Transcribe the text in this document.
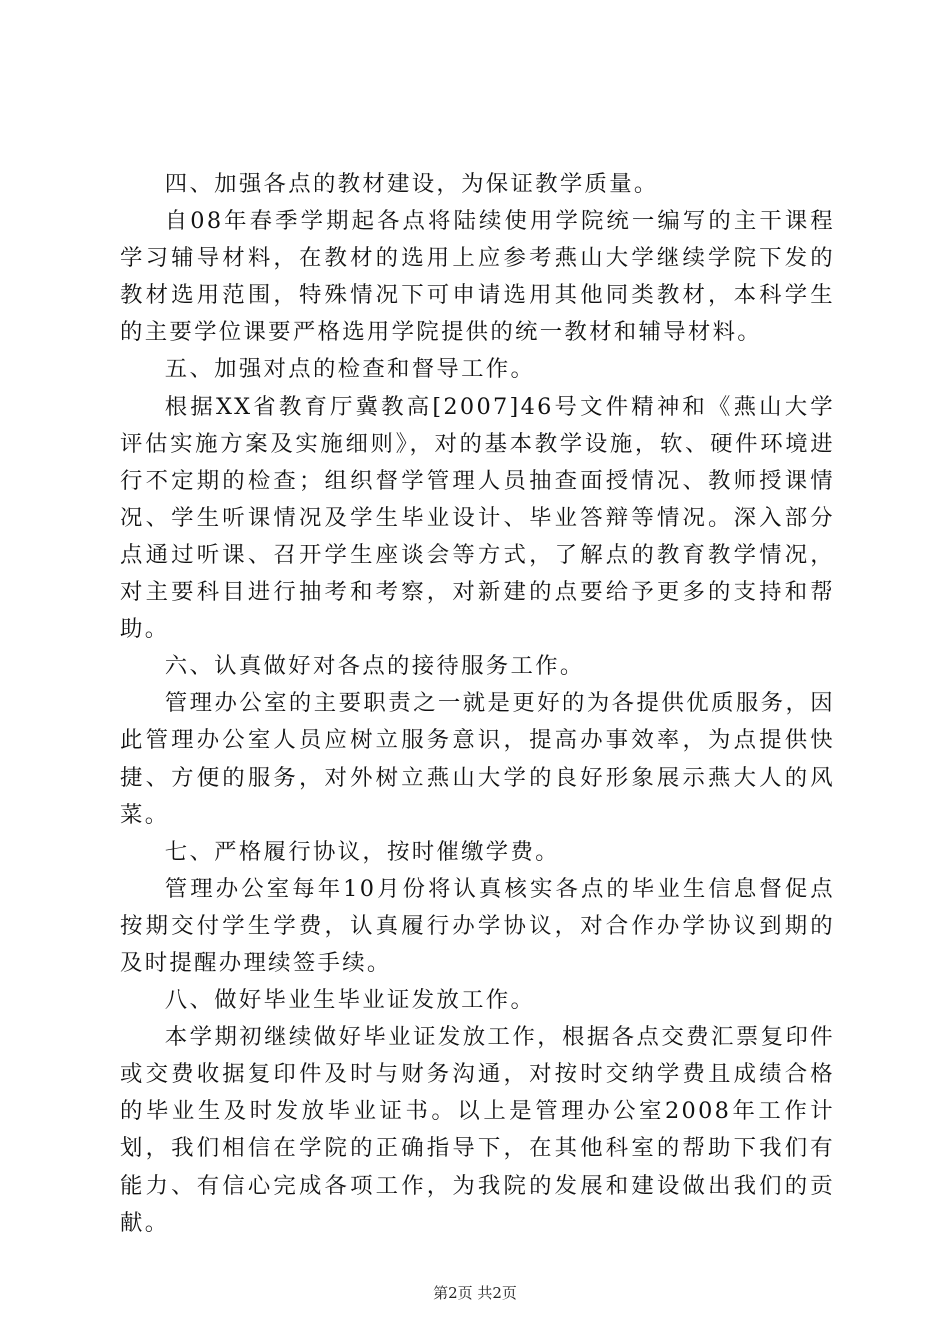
四、加强各点的教材建设，为保证教学质量。

自08年春季学期起各点将陆续使用学院统一编写的主干课程学习辅导材料，在教材的选用上应参考燕山大学继续学院下发的教材选用范围，特殊情况下可申请选用其他同类教材，本科学生的主要学位课要严格选用学院提供的统一教材和辅导材料。

五、加强对点的检查和督导工作。

根据XX省教育厅冀教高[2007]46号文件精神和《燕山大学评估实施方案及实施细则》，对的基本教学设施，软、硬件环境进行不定期的检查；组织督学管理人员抽查面授情况、教师授课情况、学生听课情况及学生毕业设计、毕业答辩等情况。深入部分点通过听课、召开学生座谈会等方式，了解点的教育教学情况，对主要科目进行抽考和考察，对新建的点要给予更多的支持和帮助。

六、认真做好对各点的接待服务工作。

管理办公室的主要职责之一就是更好的为各提供优质服务，因此管理办公室人员应树立服务意识，提高办事效率，为点提供快捷、方便的服务，对外树立燕山大学的良好形象展示燕大人的风菜。

七、严格履行协议，按时催缴学费。

管理办公室每年10月份将认真核实各点的毕业生信息督促点按期交付学生学费，认真履行办学协议，对合作办学协议到期的及时提醒办理续签手续。

八、做好毕业生毕业证发放工作。

本学期初继续做好毕业证发放工作，根据各点交费汇票复印件或交费收据复印件及时与财务沟通，对按时交纳学费且成绩合格的毕业生及时发放毕业证书。以上是管理办公室2008年工作计划，我们相信在学院的正确指导下，在其他科室的帮助下我们有能力、有信心完成各项工作，为我院的发展和建设做出我们的贡献。

第2页 共2页
